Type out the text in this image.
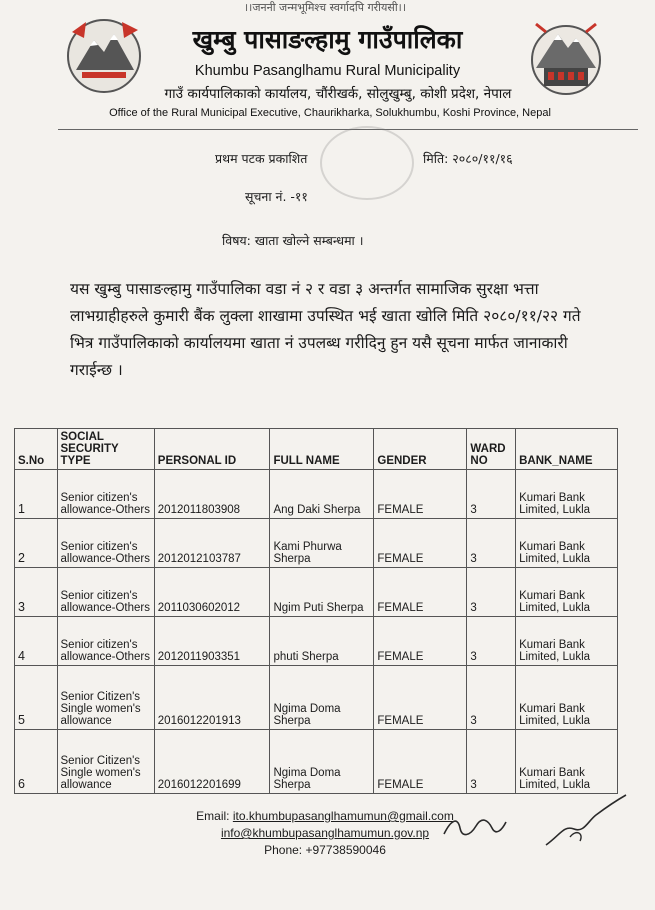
।।जननी जन्मभूमिश्च स्वर्गादपि गरीयसी।।
खुम्बु पासाङल्हामु गाउँपालिका
Khumbu Pasanglhamu Rural Municipality
गाउँ कार्यपालिकाको कार्यालय, चौंरीखर्क, सोलुखुम्बु, कोशी प्रदेश, नेपाल
Office of the Rural Municipal Executive, Chaurikharka, Solukhumbu, Koshi Province, Nepal
प्रथम पटक प्रकाशित	मिति: २०८०/११/१६
सूचना नं. -११
विषय: खाता खोल्ने सम्बन्धमा ।
यस खुम्बु पासाङल्हामु गाउँपालिका वडा नं २ र वडा ३ अन्तर्गत सामाजिक सुरक्षा भत्ता लाभग्राहीहरुले कुमारी बैंक लुक्ला शाखामा उपस्थित भई खाता खोलि मिति २०८०/११/२२ गते भित्र गाउँपालिकाको कार्यालयमा खाता नं उपलब्ध गरीदिनु हुन यसै सूचना मार्फत जानाकारी गराईन्छ ।
S.No	SOCIAL SECURITY TYPE	PERSONAL ID	FULL NAME	GENDER	WARD NO	BANK_NAME
1	Senior citizen's allowance-Others	2012011803908	Ang Daki Sherpa	FEMALE	3	Kumari Bank Limited, Lukla
2	Senior citizen's allowance-Others	2012012103787	Kami Phurwa Sherpa	FEMALE	3	Kumari Bank Limited, Lukla
3	Senior citizen's allowance-Others	2011030602012	Ngim Puti Sherpa	FEMALE	3	Kumari Bank Limited, Lukla
4	Senior citizen's allowance-Others	2012011903351	phuti Sherpa	FEMALE	3	Kumari Bank Limited, Lukla
5	Senior Citizen's Single women's allowance	2016012201913	Ngima Doma Sherpa	FEMALE	3	Kumari Bank Limited, Lukla
6	Senior Citizen's Single women's allowance	2016012201699	Ngima Doma Sherpa	FEMALE	3	Kumari Bank Limited, Lukla
Email: ito.khumbupasanglhamumun@gmail.com
info@khumbupasanglhamumun.gov.np
Phone: +97738590046
